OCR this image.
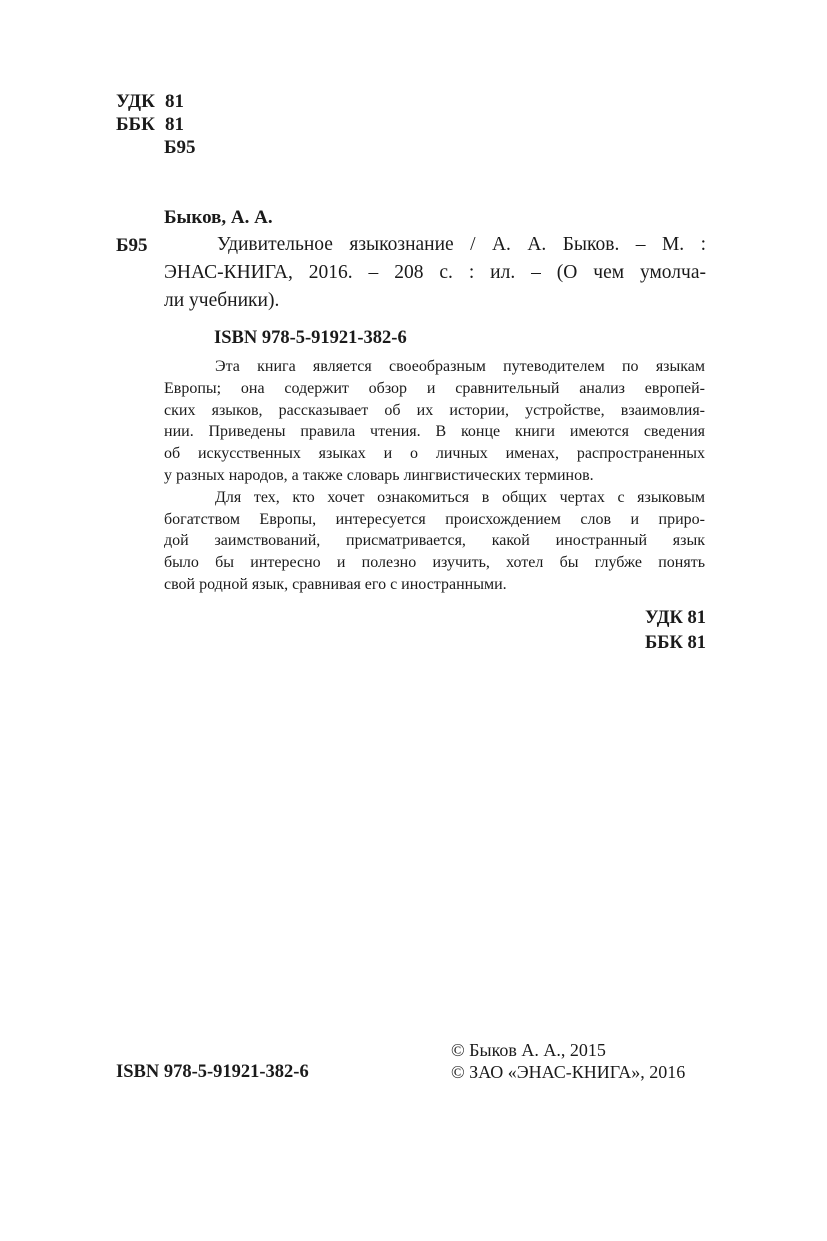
УДК 81
ББК 81
Б95
Быков, А. А.
Б95	Удивительное языкознание / А. А. Быков. – М. :
ЭНАС-КНИГА, 2016. – 208 с. : ил. – (О чем умолча-
ли учебники).
ISBN 978-5-91921-382-6
Эта книга является своеобразным путеводителем по языкам
Европы; она содержит обзор и сравнительный анализ европей-
ских языков, рассказывает об их истории, устройстве, взаимовлия-
нии. Приведены правила чтения. В конце книги имеются сведения
об искусственных языках и о личных именах, распространенных
у разных народов, а также словарь лингвистических терминов.
Для тех, кто хочет ознакомиться в общих чертах с языковым
богатством Европы, интересуется происхождением слов и приро-
дой заимствований, присматривается, какой иностранный язык
было бы интересно и полезно изучить, хотел бы глубже понять
свой родной язык, сравнивая его с иностранными.
УДК 81
ББК 81
ISBN 978-5-91921-382-6
© Быков А. А., 2015
© ЗАО «ЭНАС-КНИГА», 2016
